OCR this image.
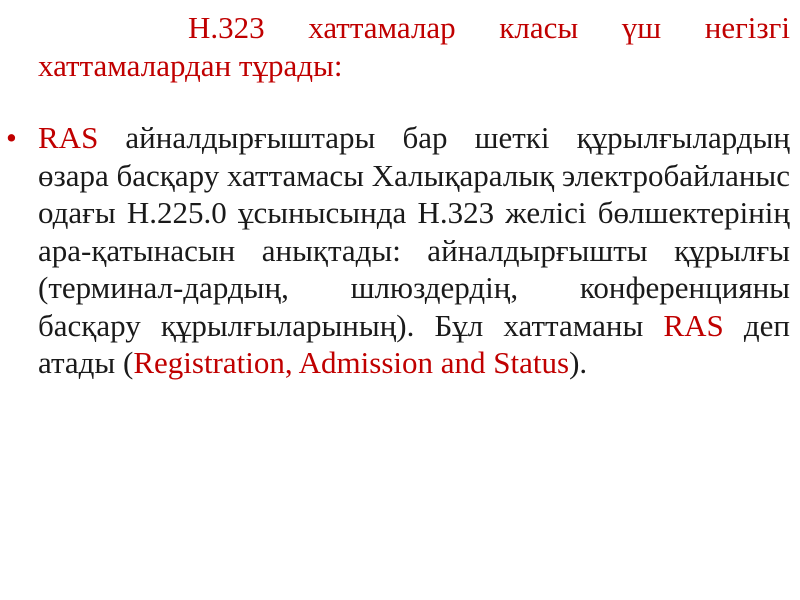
Н.323 хаттамалар класы үш негізгі хаттамалардан тұрады:
• RAS айналдырғыштары бар шеткі құрылғылардың өзара басқару хаттамасы Халықаралық электробайланыс одағы Н.225.0 ұсынысында Н.323 желісі бөлшектерінің ара-қатынасын анықтады: айналдырғышты құрылғы (терминал-дардың, шлюздердің, конференцияны басқару құрылғыларының). Бұл хаттаманы RAS деп атады (Registration, Admission and Status).
